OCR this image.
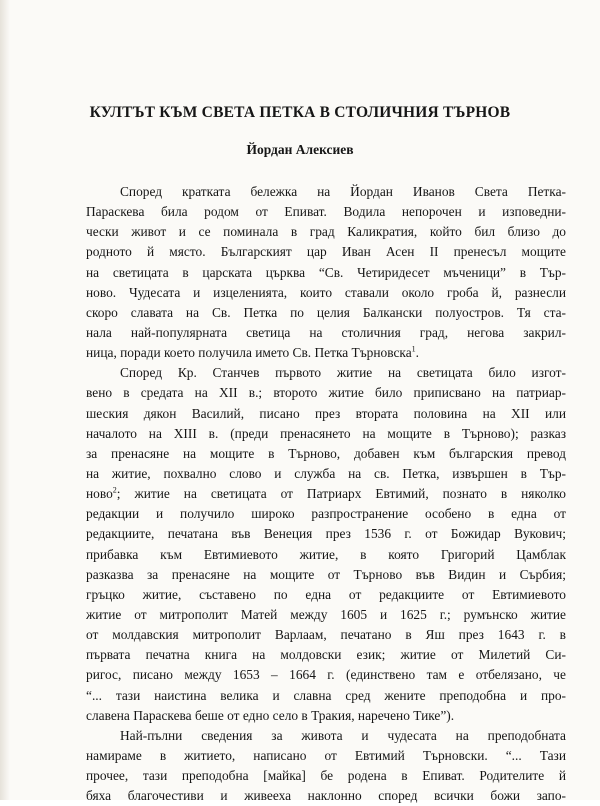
КУЛТЪТ КЪМ СВЕТА ПЕТКА В СТОЛИЧНИЯ ТЪРНОВ
Йордан Алексиев
Според кратката бележка на Йордан Иванов Света Петка-
Параскева била родом от Епиват. Водила непорочен и изповедни-
чески живот и се поминала в град Каликратия, който бил близо до
родното й място. Българският цар Иван Асен II пренесъл мощите
на светицата в царската църква “Св. Четиридесет мъченици” в Тър-
ново. Чудесата и изцеленията, които ставали около гроба й, разнесли
скоро славата на Св. Петка по целия Балкански полуостров. Тя ста-
нала най-популярната светица на столичния град, негова закрил-
ница, поради което получила името Св. Петка Търновска$^1$.
Според Кр. Станчев първото житие на светицата било изгот-
вено в средата на XII в.; второто житие било приписвано на патриар-
шеския дякон Василий, писано през втората половина на XII или
началото на XIII в. (преди пренасянето на мощите в Търново); разказ
за пренасяне на мощите в Търново, добавен към българския превод
на житие, похвално слово и служба на св. Петка, извършен в Тър-
ново$^2$; житие на светицата от Патриарх Евтимий, познато в няколко
редакции и получило широко разпространение особено в една от
редакциите, печатана във Венеция през 1536 г. от Божидар Вукович;
прибавка към Евтимиевото житие, в която Григорий Цамблак
разказва за пренасяне на мощите от Търново във Видин и Сърбия;
гръцко житие, съставено по една от редакциите от Евтимиевото
житие от митрополит Матей между 1605 и 1625 г.; румънско житие
от молдавския митрополит Варлаам, печатано в Яш през 1643 г. в
първата печатна книга на молдовски език; житие от Милетий Си-
ригос, писано между 1653 – 1664 г. (единствено там е отбелязано, че
“... тази наистина велика и славна сред жените преподобна и про-
славена Параскева беше от едно село в Тракия, наречено Тике”).
Най-пълни сведения за живота и чудесата на преподобната
намираме в житието, написано от Евтимий Търновски. “... Тази
прочее, тази преподобна [майка] бе родена в Епиват. Родителите й
бяха благочестиви и живееха наклонно според всички божи запо-
